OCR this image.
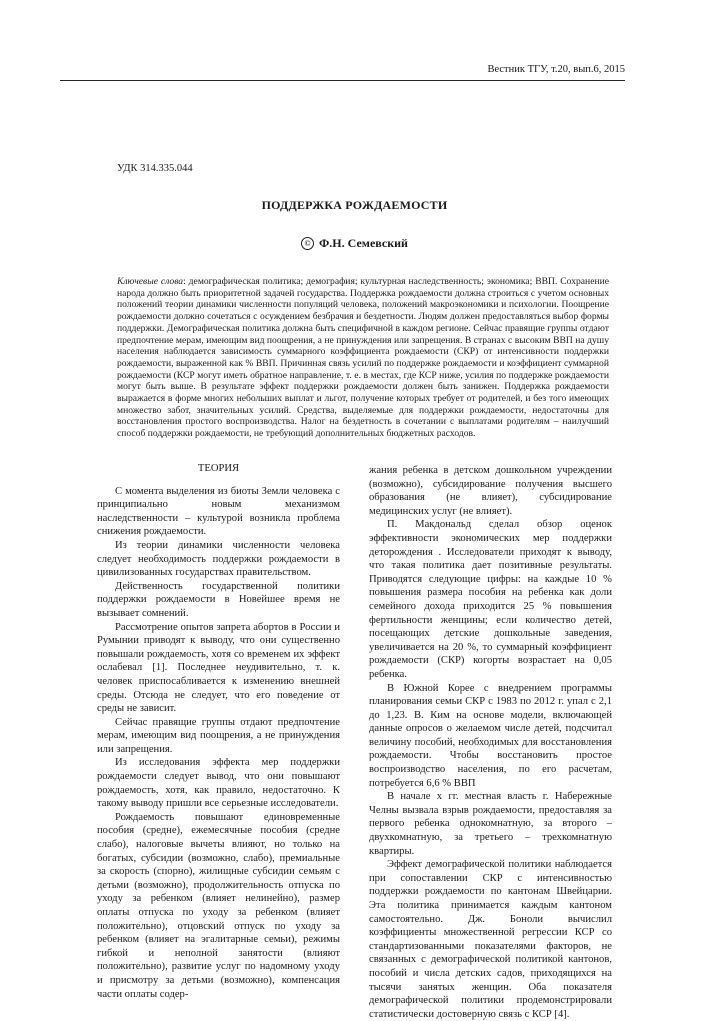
Вестник ТГУ, т.20, вып.6, 2015
УДК 314.335.044
ПОДДЕРЖКА РОЖДАЕМОСТИ
© Ф.Н. Семевский
Ключевые слова: демографическая политика; демография; культурная наследственность; экономика; ВВП. Сохранение народа должно быть приоритетной задачей государства. Поддержка рождаемости должна строиться с учетом основных положений теории динамики численности популяций человека, положений макроэкономики и психологии. Поощрение рождаемости должно сочетаться с осуждением безбрачия и бездетности. Людям должен предоставляться выбор формы поддержки. Демографическая политика должна быть специфичной в каждом регионе. Сейчас правящие группы отдают предпочтение мерам, имеющим вид поощрения, а не принуждения или запрещения. В странах с высоким ВВП на душу населения наблюдается зависимость суммарного коэффициента рождаемости (СКР) от интенсивности поддержки рождаемости, выраженной как % ВВП. Причинная связь усилий по поддержке рождаемости и коэффициент суммарной рождаемости (КСР могут иметь обратное направление, т. е. в местах, где КСР ниже, усилия по поддержке рождаемости могут быть выше. В результате эффект поддержки рождаемости должен быть занижен. Поддержка рождаемости выражается в форме многих небольших выплат и льгот, получение которых требует от родителей, и без того имеющих множество забот, значительных усилий. Средства, выделяемые для поддержки рождаемости, недостаточны для восстановления простого воспроизводства. Налог на бездетность в сочетании с выплатами родителям – наилучший способ поддержки рождаемости, не требующий дополнительных бюджетных расходов.
ТЕОРИЯ

С момента выделения из биоты Земли человека с принципиально новым механизмом наследственности – культурой возникла проблема снижения рождаемости.

Из теории динамики численности человека следует необходимость поддержки рождаемости в цивилизованных государствах правительством.

Действенность государственной политики поддержки рождаемости в Новейшее время не вызывает сомнений.

Рассмотрение опытов запрета абортов в России и Румынии приводят к выводу, что они существенно повышали рождаемость, хотя со временем их эффект ослабевал [1]. Последнее неудивительно, т. к. человек приспосабливается к изменению внешней среды. Отсюда не следует, что его поведение от среды не зависит.

Сейчас правящие группы отдают предпочтение мерам, имеющим вид поощрения, а не принуждения или запрещения.

Из исследования эффекта мер поддержки рождаемости следует вывод, что они повышают рождаемость, хотя, как правило, недостаточно. К такому выводу пришли все серьезные исследователи.

Рождаемость повышают единовременные пособия (средне), ежемесячные пособия (средне слабо), налоговые вычеты влияют, но только на богатых, субсидии (возможно, слабо), премиальные за скорость (спорно), жилищные субсидии семьям с детьми (возможно), продолжительность отпуска по уходу за ребенком (влияет нелинейно), размер оплаты отпуска по уходу за ребенком (влияет положительно), отцовский отпуск по уходу за ребенком (влияет на эгалитарные семьи), режимы гибкой и неполной занятости (влияют положительно), развитие услуг по надомному уходу и присмотру за детьми (возможно), компенсация части оплаты содер-

жания ребенка в детском дошкольном учреждении (возможно), субсидирование получения высшего образования (не влияет), субсидирование медицинских услуг (не влияет).

П. Макдональд сделал обзор оценок эффективности экономических мер поддержки деторождения . Исследователи приходят к выводу, что такая политика дает позитивные результаты. Приводятся следующие цифры: на каждые 10 % повышения размера пособия на ребенка как доли семейного дохода приходится 25 % повышения фертильности женщины; если количество детей, посещающих детские дошкольные заведения, увеличивается на 20 %, то суммарный коэффициент рождаемости (СКР) когорты возрастает на 0,05 ребенка.

В Южной Корее с внедрением программы планирования семьи СКР с 1983 по 2012 г. упал с 2,1 до 1,23. В. Ким на основе модели, включающей данные опросов о желаемом числе детей, подсчитал величину пособий, необходимых для восстановления рождаемости. Чтобы восстановить простое воспроизводство населения, по его расчетам, потребуется 6,6 % ВВП

В начале х гг. местная власть г. Набережные Челны вызвала взрыв рождаемости, предоставляя за первого ребенка однокомнатную, за второго – двухкомнатную, за третьего – трехкомнатную квартиры.

Эффект демографической политики наблюдается при сопоставлении СКР с интенсивностью поддержки рождаемости по кантонам Швейцарии. Эта политика принимается каждым кантоном самостоятельно. Дж. Боноли вычислил коэффициенты множественной регрессии КСР со стандартизованными показателями факторов, не связанных с демографической политикой кантонов, пособий и числа детских садов, приходящихся на тысячи занятых женщин. Оба показателя демографической политики продемонстрировали статистически достоверную связь с КСР [4].
